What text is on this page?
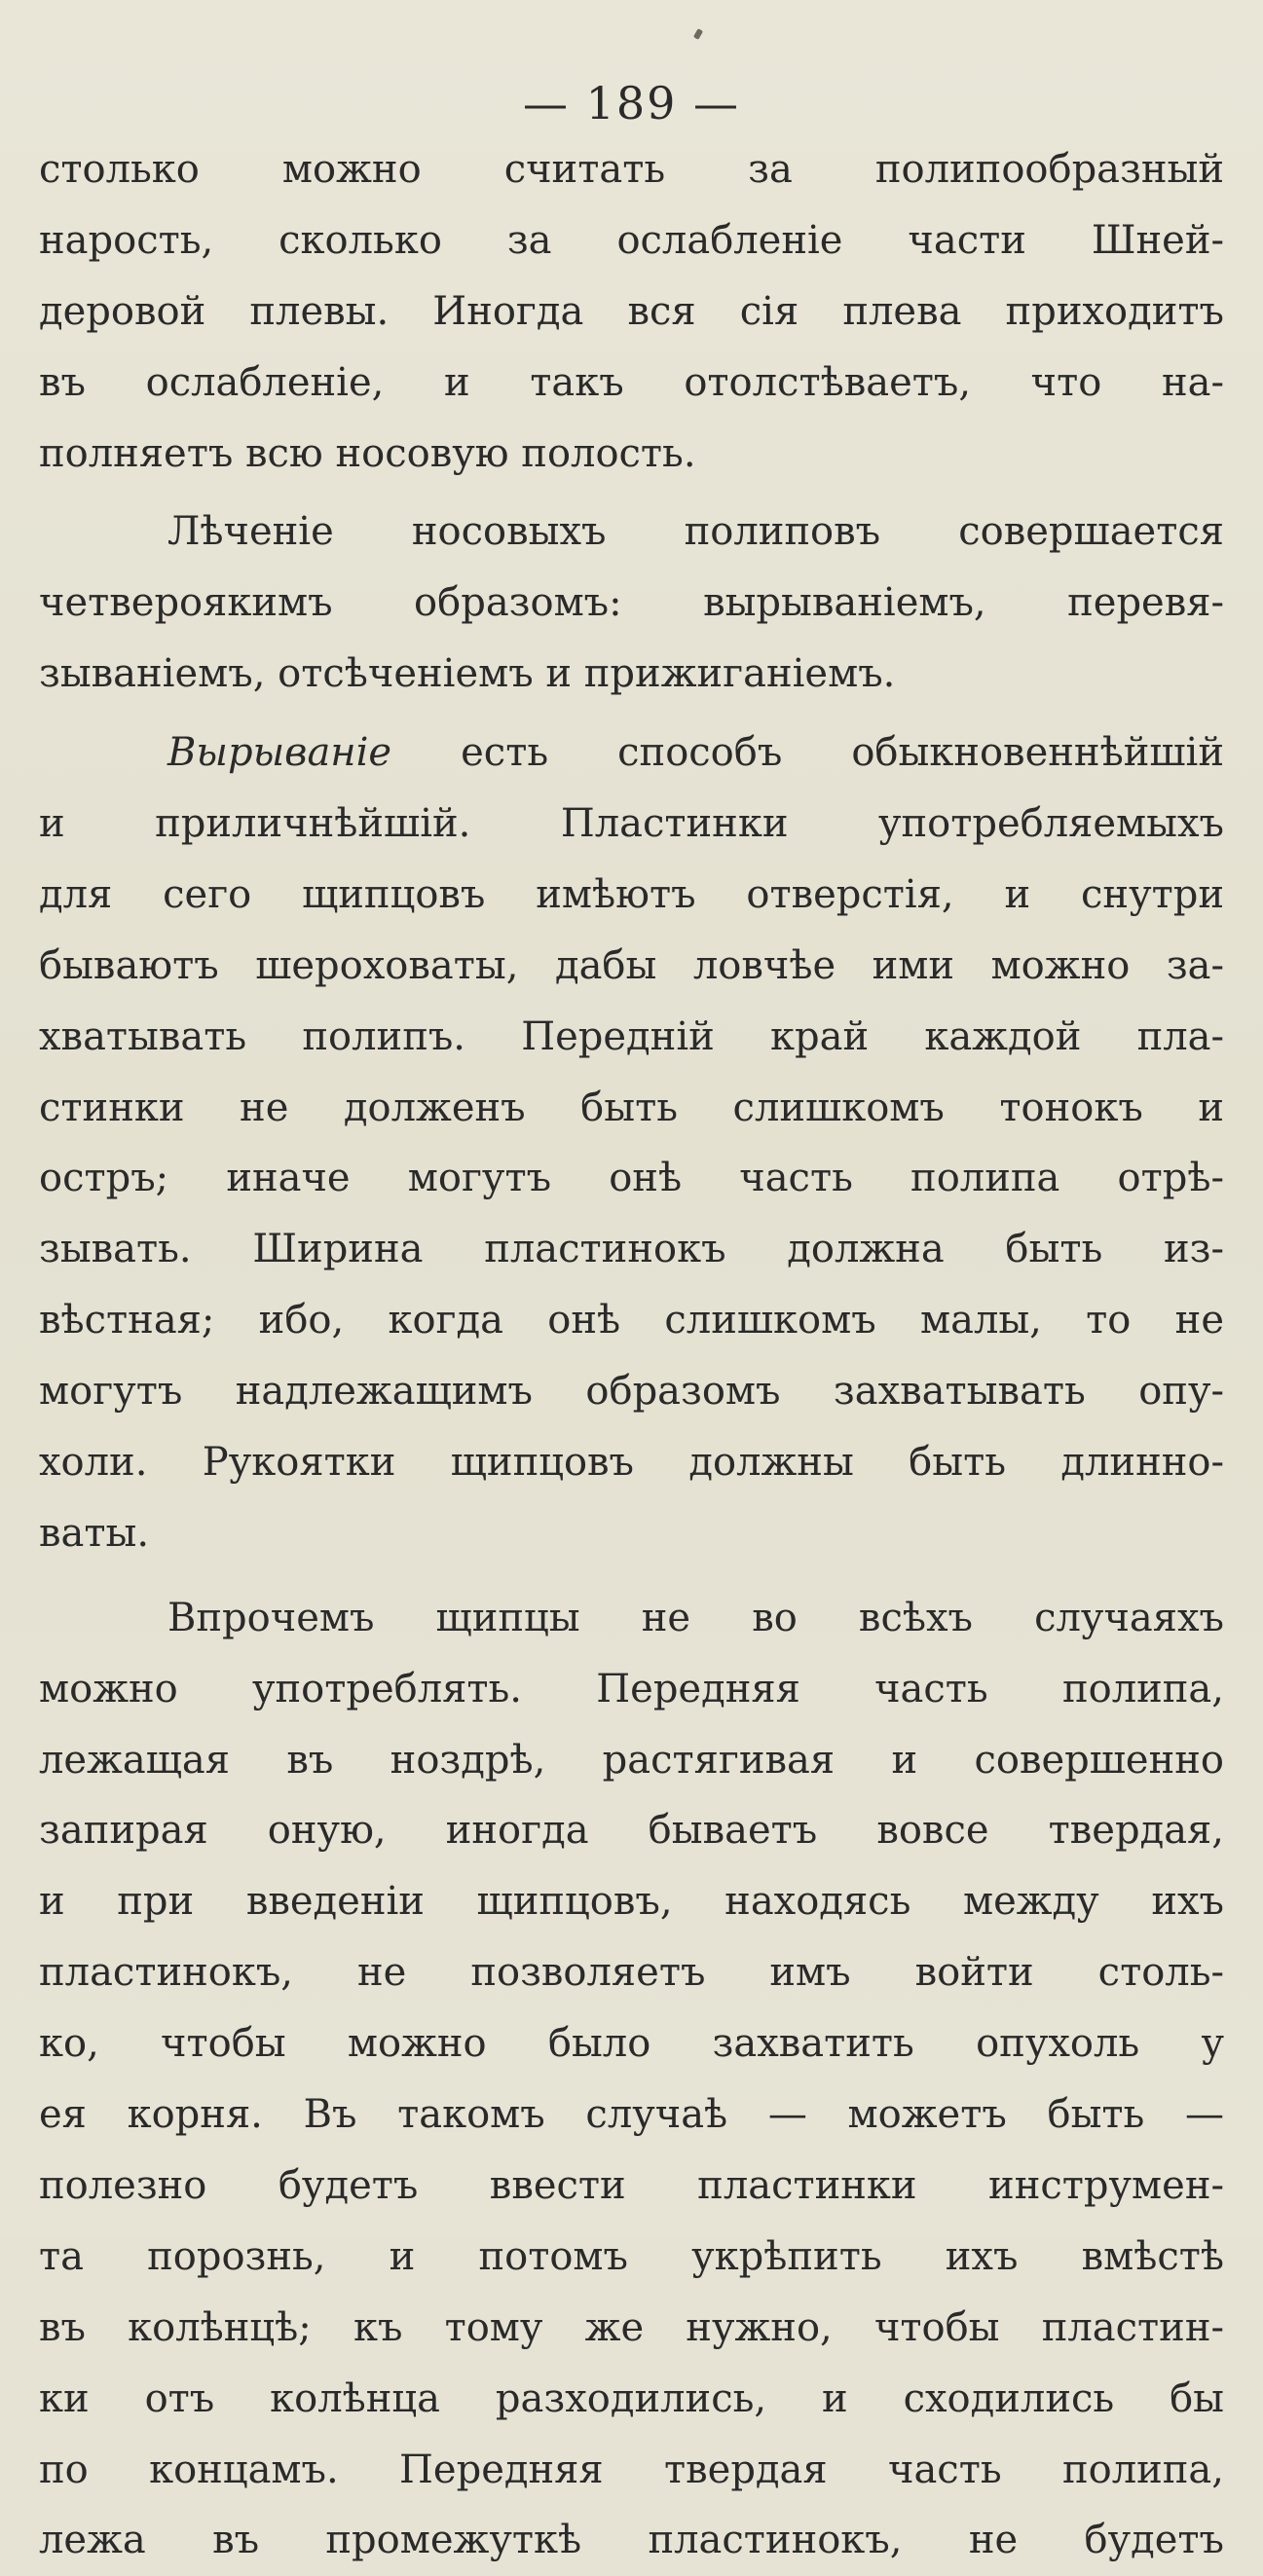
— 189 —
столько можно считать за полипообразный
нарость, сколько за ослабленіе части Шней-
деровой плевы. Иногда вся сія плева приходитъ
въ ослабленіе, и такъ отолстѣваетъ, что на-
полняетъ всю носовую полость.
Лѣченіе носовыхъ полиповъ совершается
четвероякимъ образомъ: вырываніемъ, перевя-
зываніемъ, отсѣченіемъ и прижиганіемъ.
Вырываніе есть способъ обыкновеннѣйшій
и приличнѣйшій. Пластинки употребляемыхъ
для сего щипцовъ имѣютъ отверстія, и снутри
бываютъ шероховаты, дабы ловчѣе ими можно за-
хватывать полипъ. Передній край каждой пла-
стинки не долженъ быть слишкомъ тонокъ и
остръ; иначе могутъ онѣ часть полипа отрѣ-
зывать. Ширина пластинокъ должна быть из-
вѣстная; ибо, когда онѣ слишкомъ малы, то не
могутъ надлежащимъ образомъ захватывать опу-
холи. Рукоятки щипцовъ должны быть длинно-
ваты.
Впрочемъ щипцы не во всѣхъ случаяхъ
можно употреблять. Передняя часть полипа,
лежащая въ ноздрѣ, растягивая и совершенно
запирая оную, иногда бываетъ вовсе твердая,
и при введеніи щипцовъ, находясь между ихъ
пластинокъ, не позволяетъ имъ войти столь-
ко, чтобы можно было захватить опухоль у
ея корня. Въ такомъ случаѣ — можетъ быть —
полезно будетъ ввести пластинки инструмен-
та порознь, и потомъ укрѣпить ихъ вмѣстѣ
въ колѣнцѣ; къ тому же нужно, чтобы пластин-
ки отъ колѣнца разходились, и сходились бы
по концамъ. Передняя твердая часть полипа,
лежа въ промежуткѣ пластинокъ, не будетъ
